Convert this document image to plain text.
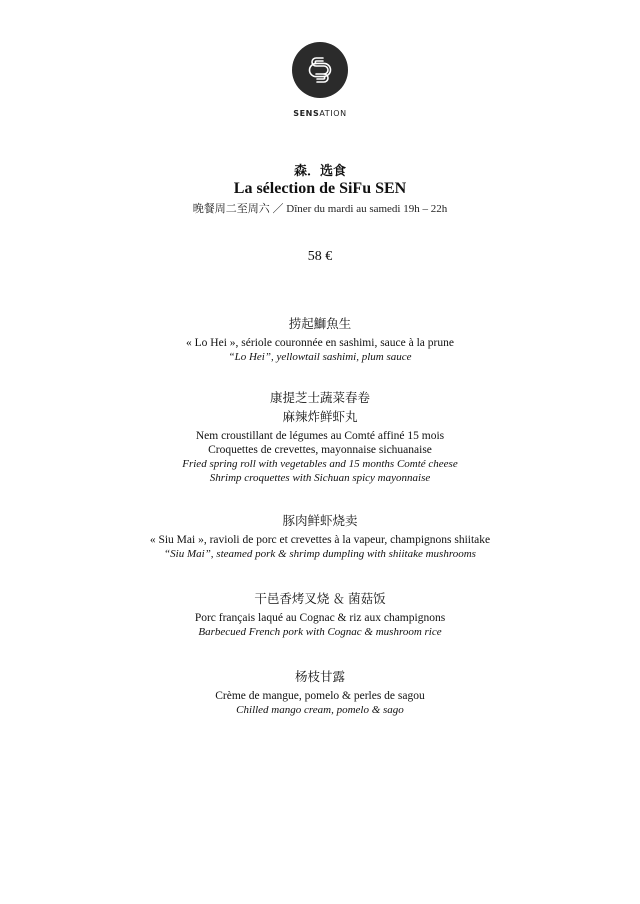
SENSATION
森．选食
La sélection de SiFu SEN
晚餐周二至周六 ／ Dîner du mardi au samedi 19h – 22h
58 €
捞起鰤魚生
« Lo Hei », sériole couronnée en sashimi, sauce à la prune
“Lo Hei”, yellowtail sashimi, plum sauce
康提芝士蔬菜春卷
麻辣炸鲜虾丸
Nem croustillant de légumes au Comté affiné 15 mois
Croquettes de crevettes, mayonnaise sichuanaise
Fried spring roll with vegetables and 15 months Comté cheese
Shrimp croquettes with Sichuan spicy mayonnaise
豚肉鲜虾烧卖
« Siu Mai », ravioli de porc et crevettes à la vapeur, champignons shiitake
“Siu Mai”, steamed pork & shrimp dumpling with shiitake mushrooms
干邑香烤叉烧 ＆ 菌菇饭
Porc français laqué au Cognac & riz aux champignons
Barbecued French pork with Cognac & mushroom rice
杨枝甘露
Crème de mangue, pomelo & perles de sagou
Chilled mango cream, pomelo & sago
